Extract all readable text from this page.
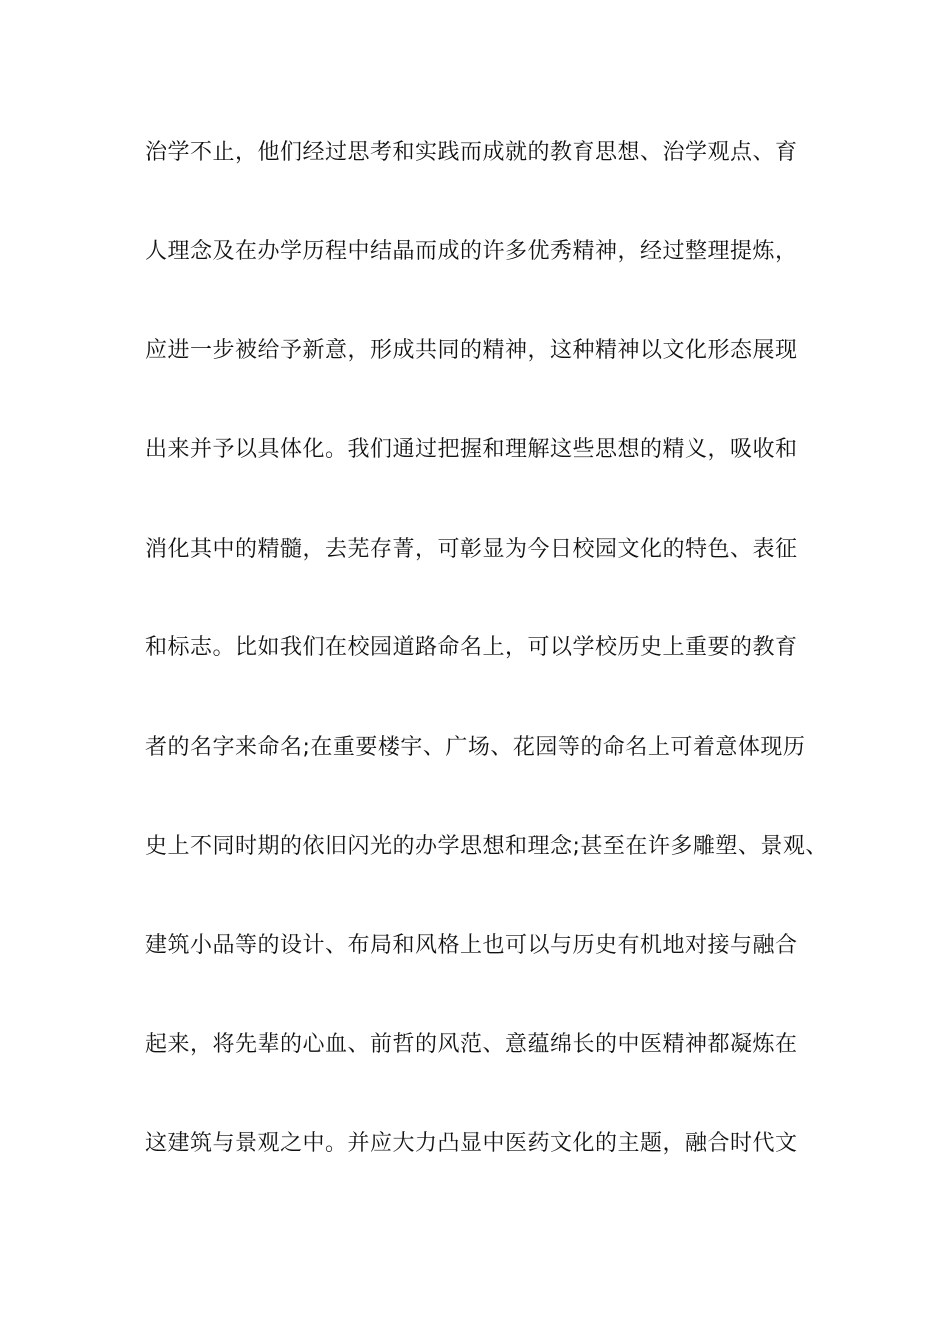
治学不止，他们经过思考和实践而成就的教育思想、治学观点、育
人理念及在办学历程中结晶而成的许多优秀精神，经过整理提炼，
应进一步被给予新意，形成共同的精神，这种精神以文化形态展现
出来并予以具体化。我们通过把握和理解这些思想的精义，吸收和
消化其中的精髓，去芜存菁，可彰显为今日校园文化的特色、表征
和标志。比如我们在校园道路命名上，可以学校历史上重要的教育
者的名字来命名;在重要楼宇、广场、花园等的命名上可着意体现历
史上不同时期的依旧闪光的办学思想和理念;甚至在许多雕塑、景观、
建筑小品等的设计、布局和风格上也可以与历史有机地对接与融合
起来，将先辈的心血、前哲的风范、意蕴绵长的中医精神都凝炼在
这建筑与景观之中。并应大力凸显中医药文化的主题，融合时代文
